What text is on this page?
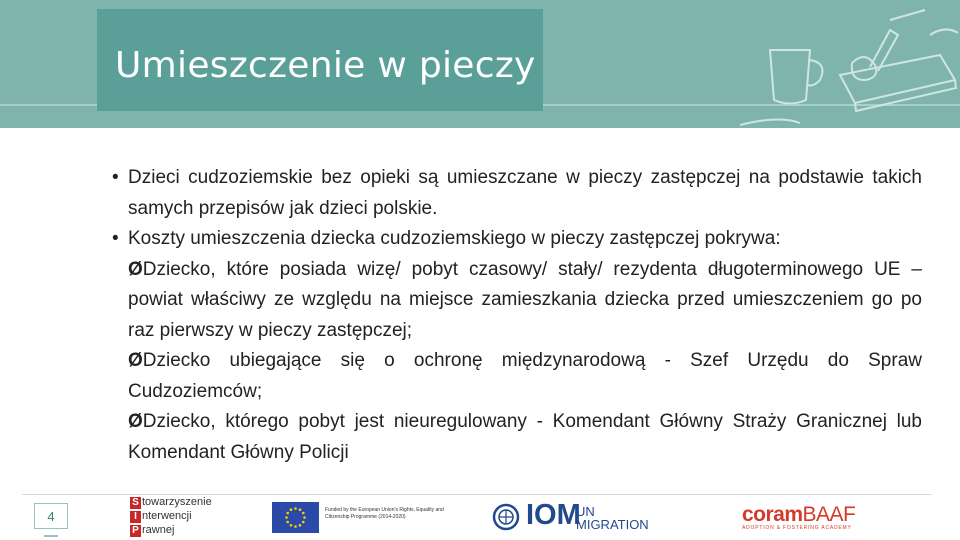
Umieszczenie w pieczy

• Dzieci cudzoziemskie bez opieki są umieszczane w pieczy zastępczej na podstawie takich samych przepisów jak dzieci polskie.

• Koszty umieszczenia dziecka cudzoziemskiego w pieczy zastępczej pokrywa:

ØDziecko, które posiada wizę/ pobyt czasowy/ stały/ rezydenta długoterminowego UE – powiat właściwy ze względu na miejsce zamieszkania dziecka przed umieszczeniem go po raz pierwszy w pieczy zastępczej;

ØDziecko ubiegające się o ochronę międzynarodową - Szef Urzędu do Spraw Cudzoziemców;

ØDziecko, którego pobyt jest nieuregulowany - Komendant Główny Straży Granicznej lub Komendant Główny Policji

4
S towarzyszenie
I nterwencji
P rawnej
Funded by the European Union's Rights, Equality and Citizenship Programme (2014-2020)	IOM
UN
MIGRATION	coramBAAF
ADOPTION & FOSTERING ACADEMY
